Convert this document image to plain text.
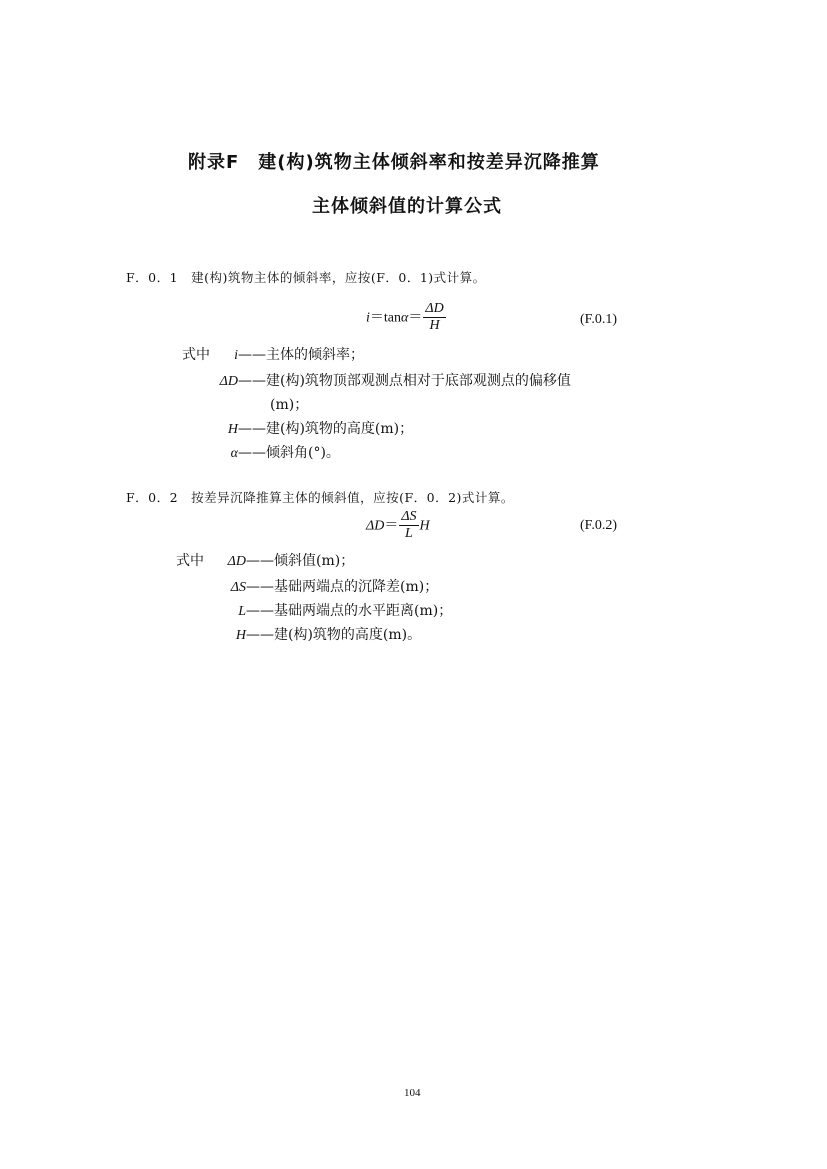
附录F　建(构)筑物主体倾斜率和按差异沉降推算
主体倾斜值的计算公式
F．0．1　建(构)筑物主体的倾斜率，应按(F．0．1)式计算。
$i=\tan\alpha= \frac{\Delta D}{H}$	(F.0.1)
式中	i——主体的倾斜率；
ΔD——建(构)筑物顶部观测点相对于底部观测点的偏移值
(m)；
H——建(构)筑物的高度(m)；
α——倾斜角(°)。
F．0．2　按差异沉降推算主体的倾斜值，应按(F．0．2)式计算。
$\Delta D= \frac{\Delta S}{L}$ H	(F.0.2)
式中	ΔD——倾斜值(m)；
ΔS——基础两端点的沉降差(m)；
L——基础两端点的水平距离(m)；
H——建(构)筑物的高度(m)。
104
